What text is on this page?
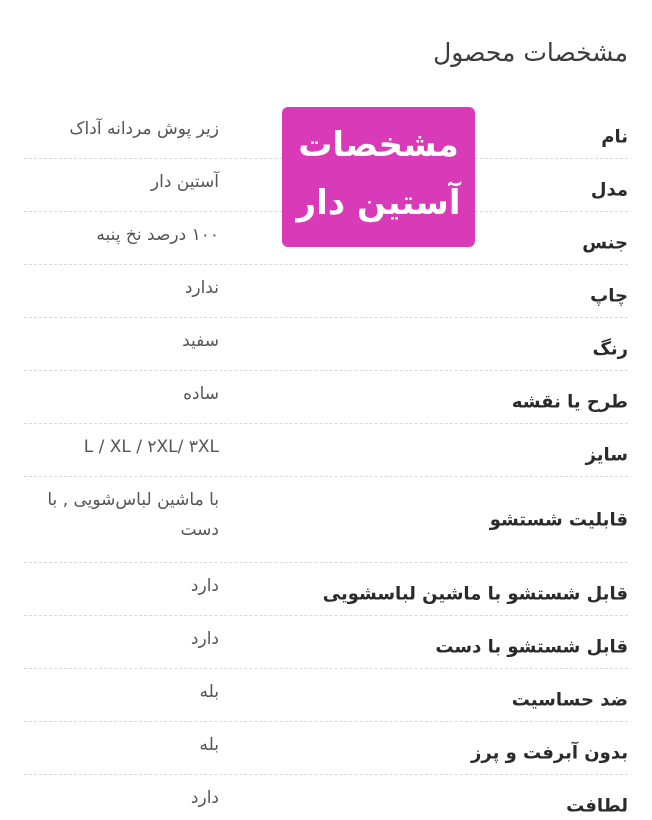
مشخصات محصول
نام
زیر پوش مردانه آداک
مدل
آستین دار
جنس
۱۰۰ درصد نخ پنبه
چاپ
ندارد
رنگ
سفید
طرح یا نقشه
ساده
سایز
L / XL / ۲XL/ ۳XL
قابلیت شستشو
با ماشین لباس‌شویی , با دست
قابل شستشو با ماشین لباسشویی
دارد
قابل شستشو با دست
دارد
ضد حساسیت
بله
بدون آبرفت و پرز
بله
لطافت
دارد
مشخصات
آستین دار
